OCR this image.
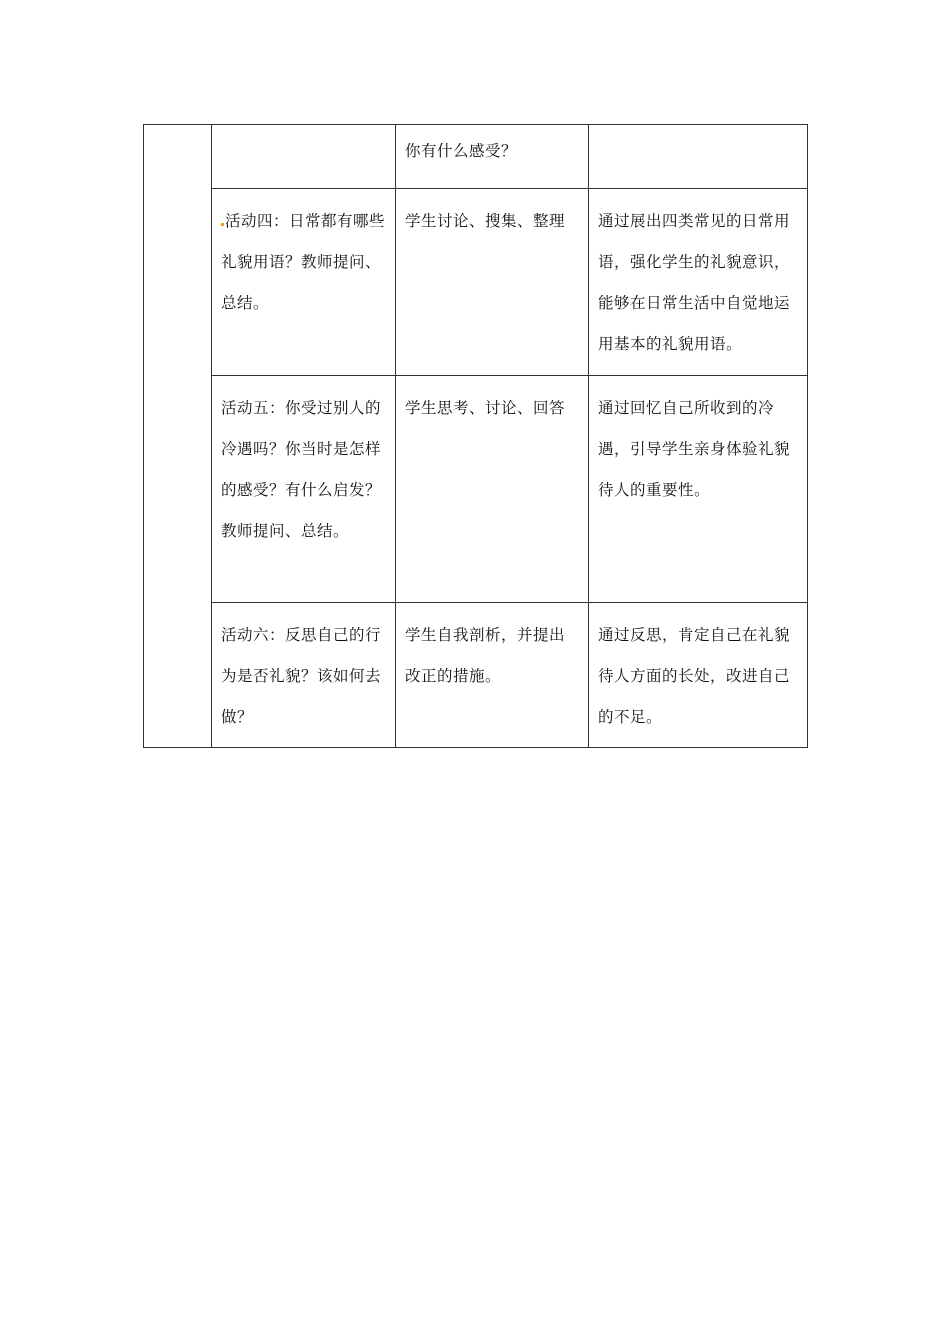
		你有什么感受？	
	活动四：日常都有哪些礼貌用语？教师提问、总结。	学生讨论、搜集、整理	通过展出四类常见的日常用语，强化学生的礼貌意识，能够在日常生活中自觉地运用基本的礼貌用语。
	活动五：你受过别人的冷遇吗？你当时是怎样的感受？有什么启发？教师提问、总结。	学生思考、讨论、回答	通过回忆自己所收到的冷遇，引导学生亲身体验礼貌待人的重要性。
	活动六：反思自己的行为是否礼貌？该如何去做？	学生自我剖析，并提出改正的措施。	通过反思，肯定自己在礼貌待人方面的长处，改进自己的不足。
